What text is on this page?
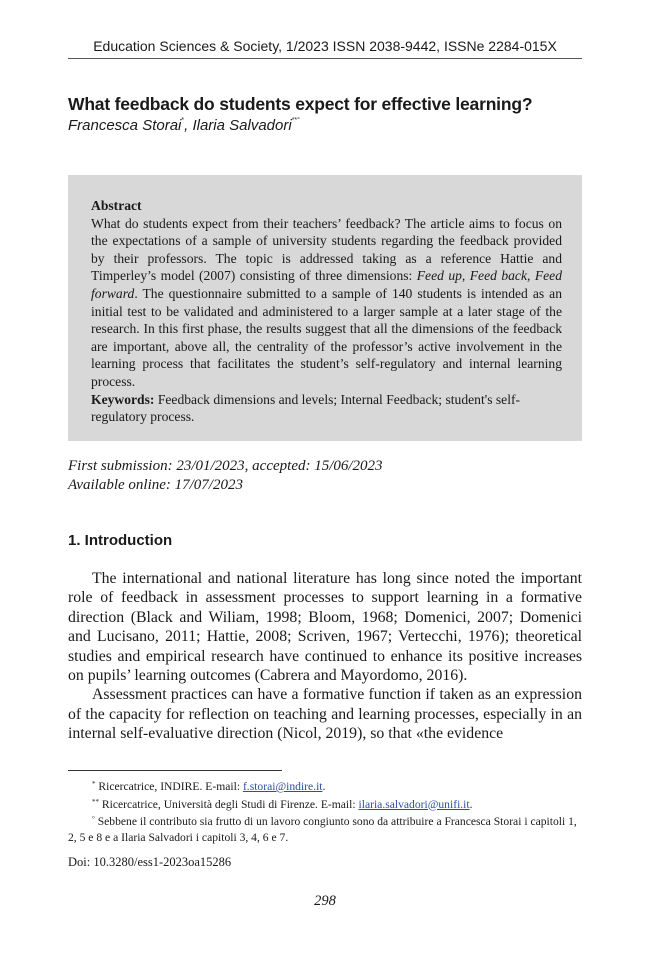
Education Sciences & Society, 1/2023 ISSN 2038-9442, ISSNe 2284-015X
What feedback do students expect for effective learning?
Francesca Storai*, Ilaria Salvadori**°

Abstract

What do students expect from their teachers’ feedback? The article aims to focus on the expectations of a sample of university students regarding the feedback provided by their professors. The topic is addressed taking as a reference Hattie and Timperley’s model (2007) consisting of three dimensions: Feed up, Feed back, Feed forward. The questionnaire submitted to a sample of 140 students is intended as an initial test to be validated and administered to a larger sample at a later stage of the research. In this first phase, the results suggest that all the dimensions of the feedback are important, above all, the centrality of the professor’s active involvement in the learning process that facilitates the student’s self-regulatory and internal learning process.

Keywords: Feedback dimensions and levels; Internal Feedback; student's self-regulatory process.

First submission: 23/01/2023, accepted: 15/06/2023
Available online: 17/07/2023
1. Introduction

The international and national literature has long since noted the important role of feedback in assessment processes to support learning in a formative direction (Black and Wiliam, 1998; Bloom, 1968; Domenici, 2007; Domenici and Lucisano, 2011; Hattie, 2008; Scriven, 1967; Vertecchi, 1976); theoretical studies and empirical research have continued to enhance its positive increases on pupils’ learning outcomes (Cabrera and Mayordomo, 2016).

Assessment practices can have a formative function if taken as an expression of the capacity for reflection on teaching and learning processes, especially in an internal self-evaluative direction (Nicol, 2019), so that «the evidence

* Ricercatrice, INDIRE. E-mail: f.storai@indire.it.

** Ricercatrice, Università degli Studi di Firenze. E-mail: ilaria.salvadori@unifi.it.

° Sebbene il contributo sia frutto di un lavoro congiunto sono da attribuire a Francesca Storai i capitoli 1, 2, 5 e 8 e a Ilaria Salvadori i capitoli 3, 4, 6 e 7.

Doi: 10.3280/ess1-2023oa15286
298
